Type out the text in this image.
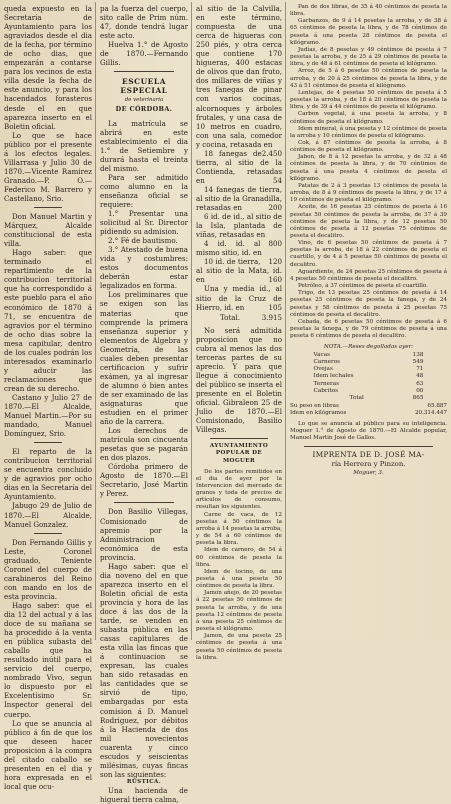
queda expuesto en la Secretaría de Ayuntamiento para los agraviados desde el dia de la fecha, por término de ocho dias, que empezarán a contarse para los vecinos de esta villa desde la fecha de este anuncio, y para los hacendados forasteros desde el en que aparezca inserto en el Boletin oficial.

Lo que se hace público por el presente á los efectos legales. Villarrasa y Julio 30 de 1870.—Vicente Ramirez Granado.—P. O.—Federico M. Barrero y Castellano, Srio.

Don Manuel Martin y Márquez, Alcalde constitucional de esta villa.

Hago saber: que terminado el repartimiento de la contribucion territorial que ha correspondido á este pueblo para el año económico de 1870 á 71, se encuentra de agravios por el término de ocho dias sobre la mesa capitular, dentro de los cuales podrán los interesados examinarlo y aducir las reclamaciones que crean de su derecho.

Castano y Julio 27 de 1870.—El Alcalde, Manuel Martin.—Por su mandado, Manuel Domínguez, Srio.

El reparto de la contribucion territorial se encuentra concluido y de agravios por ocho dias en la Secretaría del Ayuntamiento.

Jabugo 29 de Julio de 1870.—El Alcalde, Manuel Gonzalez.

Don Fernando Gillis y Leste, Coronel graduado, Teniente Coronel del cuerpo de carabineros del Reino con mando en los de esta provincia.

Hago saber: que el dia 12 del actual y á las doce de su mañana se ha procedido á la venta en pública subasta del caballo que ha resultado inútil para el servicio del cuerpo, nombrado Vivo, segun lo dispuesto por el Excelentísimo Sr. Inspector general del cuerpo.

Lo que se anuncia al público á fin de que los que deseen hacer proposicion á la compra del citado caballo se presenten en el dia y hora expresada en el local que ocu-

pa la fuerza del cuerpo, sito calle de Prim núm. 47, donde tendrá lugar este acto.

Huelva 1.° de Agosto de 1870.—Fernando Gillis.

ESCUELA ESPECIAL
de veterinaria
DE CÓRDOBA.

La matrícula se abrirá en este establecimiento el dia 1.° de Setiembre y durará hasta el treinta del mismo.

Para ser admitido como alumno en la enseñanza oficial se requiere:

1.° Presentar una solicitud al Sr. Director pidiendo su admision.

2.° Fé de bautismo.

3.° Atestado de buena vida y costumbres: estos documentos deberán estar legalizados en forma.

Los preliminares que se exigen son las materias que comprende la primera enseñanza superior y elementos de Algebra y Geometría, de las cuales deben presentar certificacion y sufrir exámen, ya al ingresar de alumno ó bien antes de ser examinado de las asignaturas que estudien en el primer año de la carrera.

Los derechos de matrícula son cincuenta pesetas que se pagarán en dos plazos.

Córdoba primero de Agosto de 1870.—El Secretario, José Martin y Perez.

Don Basilio Villegas, Comisionado de apremio por la Administracion económica de esta provincia.

Hago saber: que el dia noveno del en que aparezca inserto en el Boletin oficial de esta provincia y hora de las doce á las dos de la tarde, se venden en subasta pública en las casas capitulares de esta villa las fincas que á continuacion se expresan, las cuales han sido retasadas en las cantidades que se sirvió de tipo, embargadas por esta comision á D. Manuel Rodriguez, por débitos á la Hacienda de dos mil novecientos cuarenta y cinco escudos y seiscientas milésimas, cuyas fincas son las siguientes:

RÚSTICA.

Una hacienda de higueral tierra calma,

al sitio de la Calvilla, en este término, compuesta de una cerca de higueras con 250 piés, y otra cerca que contiene 170 higueras, 400 estacas de olivos que dan fruto, dos millares de viñas y tres fanegas de pinar con varios cocinas, alcornoques y árboles frutales, y una casa de 10 metros en cuadro, con una sala, comedor y cocina, retasada en
2.450

18 fanegas de tierra, al sitio de la Contienda, retasadas en	54

14 fanegas de tierra, al sitio de la Granadilla, retasadas en	200

6 id. de id., al sitio de la Isla, plantada de viñas, retasadas en
800

4 id. id. al mismo sitio, id. en
120

10 id. de tierra, al sitio de la Mata, id. en	160

Una y media id., al sitio de la Cruz de Hierro, id. en	105

Total.	3.915

No será admitida proposicion que no cubra al menos las dos terceras partes de su aprecio. Y para que llegue á conocimiento del público se inserta el presente en el Boletin oficial. Gibraleon 25 de Julio de 1870.—El Comisionado, Basilio Villegas.

AYUNTAMIENTO POPULAR DE
MOGUER

De los partes remitidos en el dia de ayer por la Intervencion del mercado de granos y toda de precios de artículos de consumo, resultan los siguientes.

Carne de vaca, de 12 pesetas á 50 céntimos la arroba á 14 pesetas la arroba, y de 54 á 60 céntimos de peseta la libra.

Idem de carnero, de 54 á 60 céntimos de peseta la libra.

Idem de tocino, de una peseta á una peseta 50 céntimos de peseta la libra.

Jamon añejo, de 20 pesetas á 22 pesetas 50 céntimos de peseta la arroba, y de una peseta 12 céntimos de peseta á una peseta 25 céntimos de peseta el kilógramo.

Jamon, de una peseta 25 céntimos de peseta á una peseta 50 céntimos de peseta la libra.

Pan de dos libras, de 35 á 40 céntimos de peseta la libra.

Garbanzos, de 9 á 14 pesetas la arroba, y de 38 á 65 céntimos de peseta la libra, y de 78 céntimos de peseta á una peseta 28 céntimos de peseta el kilógramo.

Judías, de 8 pesetas y 49 céntimos de peseta á 7 pesetas la arroba, y de 25 á 29 céntimos de peseta la libra, y de 48 á 61 céntimos de peseta el kilógramo.

Arroz, de 5 á 6 pesetas 50 céntimos de peseta la arroba, y de 20 á 25 céntimos de peseta la libra, y de 43 á 51 céntimos de peseta el kilógramo.

Lentejas, de 4 pesetas 50 céntimos de peseta á 5 pesetas la arroba, y de 18 á 20 céntimos de peseta la libra, y de 39 á 44 céntimos de peseta el kilógramo.

Carbon vegetal, á una peseta la arroba, y 8 céntimos de peseta el kilógramo.

Idem mineral, á una peseta y 12 céntimos de peseta la arroba y 10 céntimos de peseta el kilógramo.

Cok, á 87 céntimos de peseta la arroba, á 8 céntimos de peseta el kilógramo.

Jabon, de 8 á 12 pesetas la arroba, y de 32 á 48 céntimos de peseta la libra, y de 70 céntimos de peseta á una peseta 4 céntimos de peseta el kilógramo.

Patatas de 2 á 3 pesetas 13 céntimos de peseta la arroba, de 8 á 9 céntimos de peseta la libra, y de 17 á 19 céntimos de peseta el kilógramo.

Aceite, de 16 pesetas 25 céntimos de peseta á 16 pesetas 50 céntimos de peseta la arroba, de 37 á 39 céntimos de peseta la libra, y de 12 pesetas 50 céntimos de peseta á 12 pesetas 75 céntimos de peseta el decalitro.

Vino, de 6 pesetas 50 céntimos de peseta á 7 pesetas la arroba, de 18 á 22 céntimos de peseta el cuartillo, y de 4 á 5 pesetas 50 céntimos de peseta el decalitro.

Aguardiente, de 24 pesetas 25 céntimos de peseta á 4 pesetas 50 céntimos de peseta el decalitro.

Petróleo, á 37 céntimos de peseta el cuartillo.

Trigo, de 13 pesetas 25 céntimos de peseta á 14 pesetas 25 céntimos de peseta la fanega, y de 24 pesetas y 58 céntimos de peseta á 25 pesetas 75 céntimos de peseta el decalitro.

Cebada, de 6 pesetas 50 céntimos de peseta á 6 pesetas la fanega, y de 79 céntimos de peseta á una peseta 6 céntimos de peseta el decalitro.

NOTA.—Reses degolladas ayer:

Vacas	138
Carneros	549
Ovejas	71
Idem lechales	48
Terneras	63
Cabritos	00
Total	865
Su peso en libras	65.887
Idem en kilógramos	20.314.447

Lo que se anuncia al público para su inteligencia. Moguer 1.° de Agosto de 1870.—El Alcalde popular, Manuel Martin José de Gallos.

IMPRENTA DE D. JOSÉ MA-
ría Herrera y Pinzon.
Moguer, 3.
